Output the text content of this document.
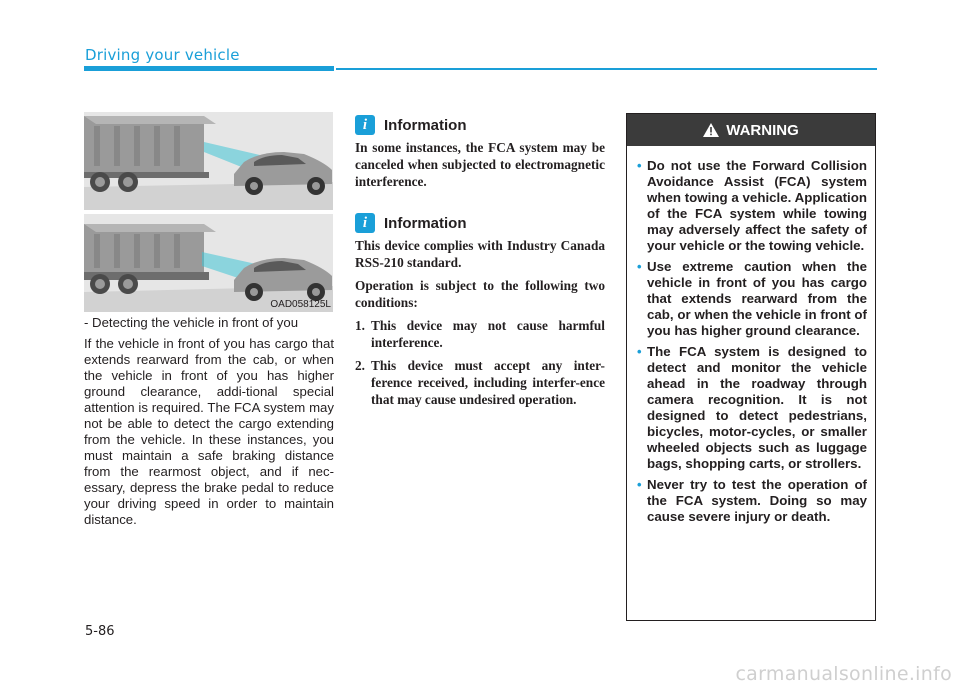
Driving your vehicle
OAD058125L

- Detecting the vehicle in front of you

If the vehicle in front of you has cargo that extends rearward from the cab, or when the vehicle in front of you has higher ground clearance, addi-tional special attention is required. The FCA system may not be able to detect the cargo extending from the vehicle. In these instances, you must maintain a safe braking distance from the rearmost object, and if nec-essary, depress the brake pedal to reduce your driving speed in order to maintain distance.

i	Information

In some instances, the FCA system may be canceled when subjected to electromagnetic interference.

i	Information

This device complies with Industry Canada RSS-210 standard.

Operation is subject to the following two conditions:

1. This device may not cause harmful interference.
2. This device must accept any inter-ference received, including interfer-ence that may cause undesired operation.
WARNING
• Do not use the Forward Collision Avoidance Assist (FCA) system when towing a vehicle. Application of the FCA system while towing may adversely affect the safety of your vehicle or the towing vehicle.
• Use extreme caution when the vehicle in front of you has cargo that extends rearward from the cab, or when the vehicle in front of you has higher ground clearance.
• The FCA system is designed to detect and monitor the vehicle ahead in the roadway through camera recognition. It is not designed to detect pedestrians, bicycles, motor-cycles, or smaller wheeled objects such as luggage bags, shopping carts, or strollers.
• Never try to test the operation of the FCA system. Doing so may cause severe injury or death.
5-86
carmanualsonline.info
